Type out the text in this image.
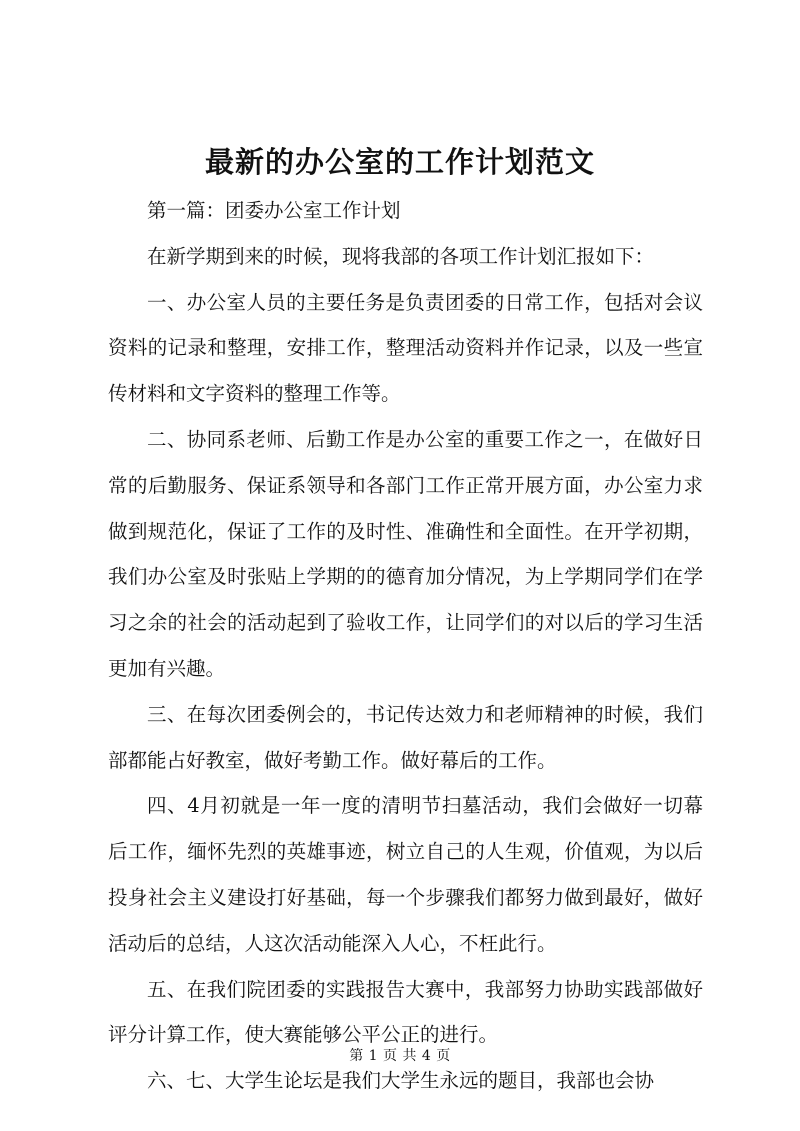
最新的办公室的工作计划范文

第一篇：团委办公室工作计划

在新学期到来的时候，现将我部的各项工作计划汇报如下：

一、办公室人员的主要任务是负责团委的日常工作，包括对会议资料的记录和整理，安排工作，整理活动资料并作记录，以及一些宣传材料和文字资料的整理工作等。

二、协同系老师、后勤工作是办公室的重要工作之一，在做好日常的后勤服务、保证系领导和各部门工作正常开展方面，办公室力求做到规范化，保证了工作的及时性、准确性和全面性。在开学初期，我们办公室及时张贴上学期的的德育加分情况，为上学期同学们在学习之余的社会的活动起到了验收工作，让同学们的对以后的学习生活更加有兴趣。

三、在每次团委例会的，书记传达效力和老师精神的时候，我们部都能占好教室，做好考勤工作。做好幕后的工作。

四、4月初就是一年一度的清明节扫墓活动，我们会做好一切幕后工作，缅怀先烈的英雄事迹，树立自己的人生观，价值观，为以后投身社会主义建设打好基础，每一个步骤我们都努力做到最好，做好活动后的总结，人这次活动能深入人心，不枉此行。

五、在我们院团委的实践报告大赛中，我部努力协助实践部做好评分计算工作，使大赛能够公平公正的进行。

六、七、大学生论坛是我们大学生永远的题目，我部也会协

第 1 页 共 4 页
